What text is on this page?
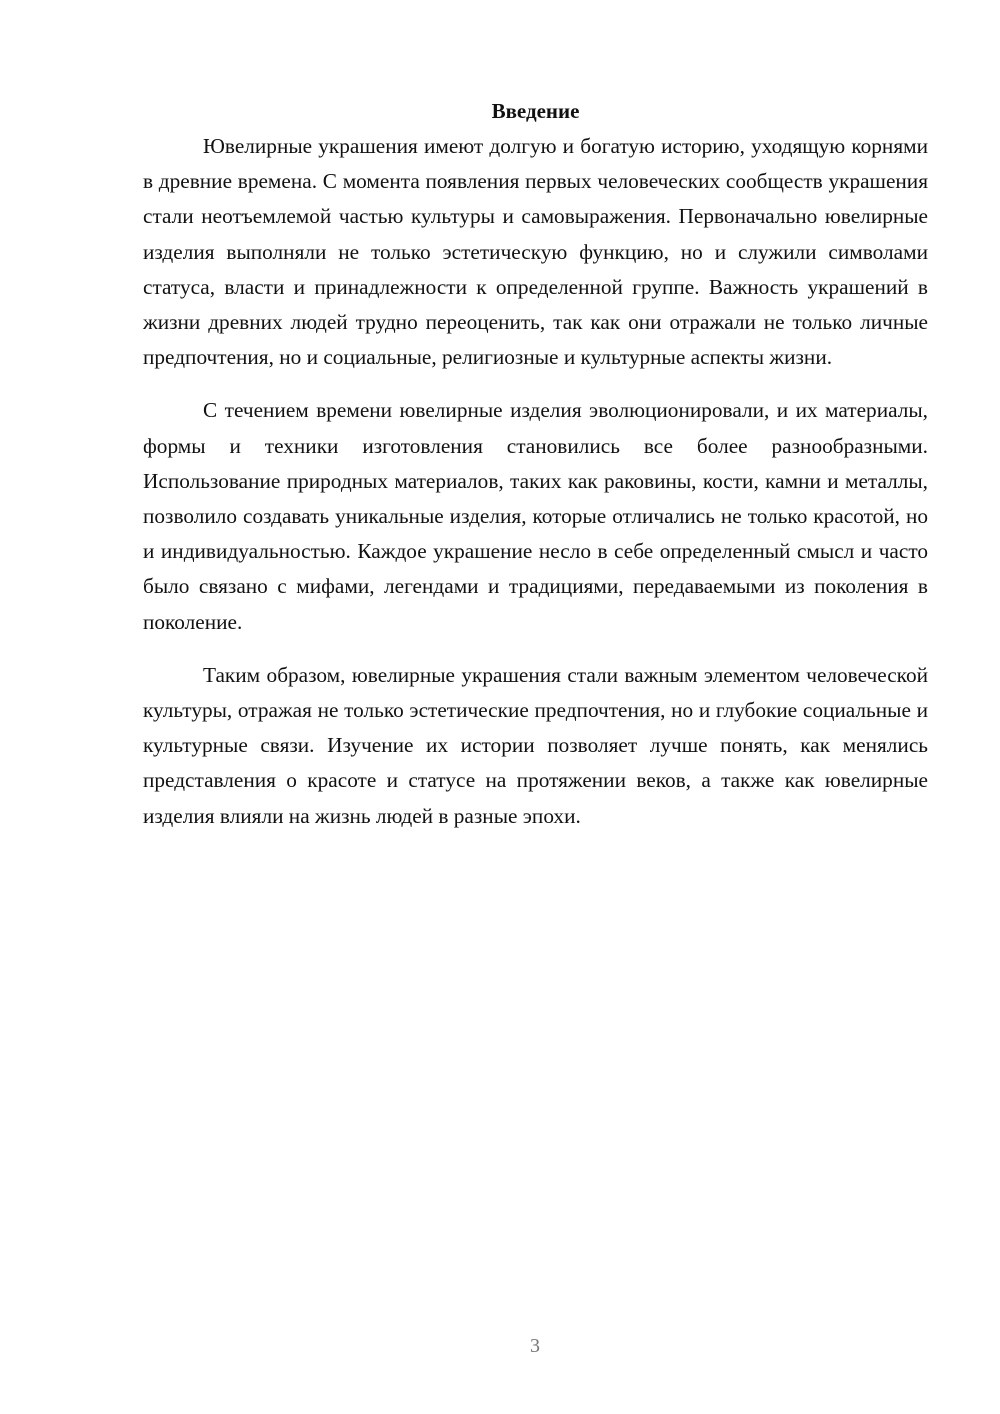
Введение

Ювелирные украшения имеют долгую и богатую историю, уходящую корнями в древние времена. С момента появления первых человеческих сообществ украшения стали неотъемлемой частью культуры и самовыражения. Первоначально ювелирные изделия выполняли не только эстетическую функцию, но и служили символами статуса, власти и принадлежности к определенной группе. Важность украшений в жизни древних людей трудно переоценить, так как они отражали не только личные предпочтения, но и социальные, религиозные и культурные аспекты жизни.

С течением времени ювелирные изделия эволюционировали, и их материалы, формы и техники изготовления становились все более разнообразными. Использование природных материалов, таких как раковины, кости, камни и металлы, позволило создавать уникальные изделия, которые отличались не только красотой, но и индивидуальностью. Каждое украшение несло в себе определенный смысл и часто было связано с мифами, легендами и традициями, передаваемыми из поколения в поколение.

Таким образом, ювелирные украшения стали важным элементом человеческой культуры, отражая не только эстетические предпочтения, но и глубокие социальные и культурные связи. Изучение их истории позволяет лучше понять, как менялись представления о красоте и статусе на протяжении веков, а также как ювелирные изделия влияли на жизнь людей в разные эпохи.

3
